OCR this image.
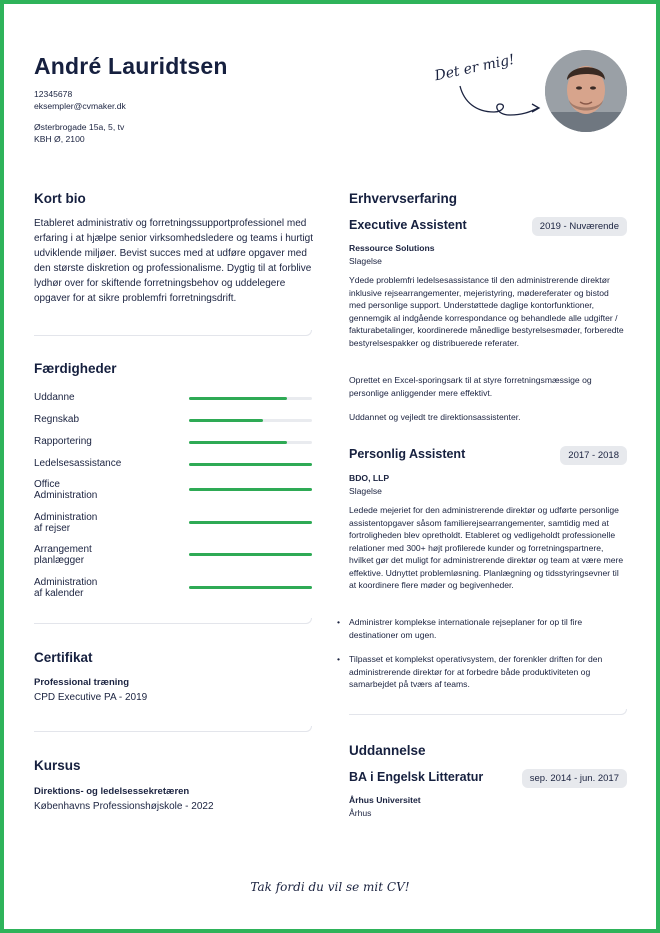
André Lauridtsen
12345678
eksempler@cvmaker.dk
Østerbrogade 15a, 5, tv
KBH Ø, 2100
Det er mig!
Kort bio
Etableret administrativ og forretningssupportprofessionel med erfaring i at hjælpe senior virksomhedsledere og teams i hurtigt udviklende miljøer. Bevist succes med at udføre opgaver med den største diskretion og professionalisme. Dygtig til at forblive lydhør over for skiftende forretningsbehov og uddelegere opgaver for at sikre problemfri forretningsdrift.
Færdigheder
Uddanne
Regnskab
Rapportering
Ledelsesassistance
Office
Administration
Administration
af rejser
Arrangement
planlægger
Administration
af kalender
Certifikat
Professional træning
CPD Executive PA - 2019
Kursus
Direktions- og ledelsessekretæren
Københavns Professionshøjskole - 2022
Erhvervserfaring
Executive Assistent	2019 - Nuværende
Ressource Solutions
Slagelse
Ydede problemfri ledelsesassistance til den administrerende direktør inklusive rejsearrangementer, mejeristyring, mødereferater og bistod med personlige support. Understøttede daglige kontorfunktioner, gennemgik al indgående korrespondance og behandlede alle udgifter / fakturabetalinger, koordinerede månedlige bestyrelsesmøder, forberedte bestyrelsespakker og distribuerede referater.
Oprettet en Excel-sporingsark til at styre forretningsmæssige og personlige anliggender mere effektivt.
Uddannet og vejledt tre direktionsassistenter.
Personlig Assistent	2017 - 2018
BDO, LLP
Slagelse
Ledede mejeriet for den administrerende direktør og udførte personlige assistentopgaver såsom familierejsearrangementer, samtidig med at fortroligheden blev opretholdt. Etableret og vedligeholdt professionelle relationer med 300+ højt profilerede kunder og forretningspartnere, hvilket gør det muligt for administrerende direktør og team at være mere effektive. Udnyttet problemløsning. Planlægning og tidsstyringsevner til at koordinere flere møder og begivenheder.
• Administrer komplekse internationale rejseplaner for op til fire destinationer om ugen.
• Tilpasset et komplekst operativsystem, der forenkler driften for den administrerende direktør for at forbedre både produktiviteten og samarbejdet på tværs af teams.
Uddannelse
BA i Engelsk Litteratur	sep. 2014 - jun. 2017
Århus Universitet
Århus
Tak fordi du vil se mit CV!
